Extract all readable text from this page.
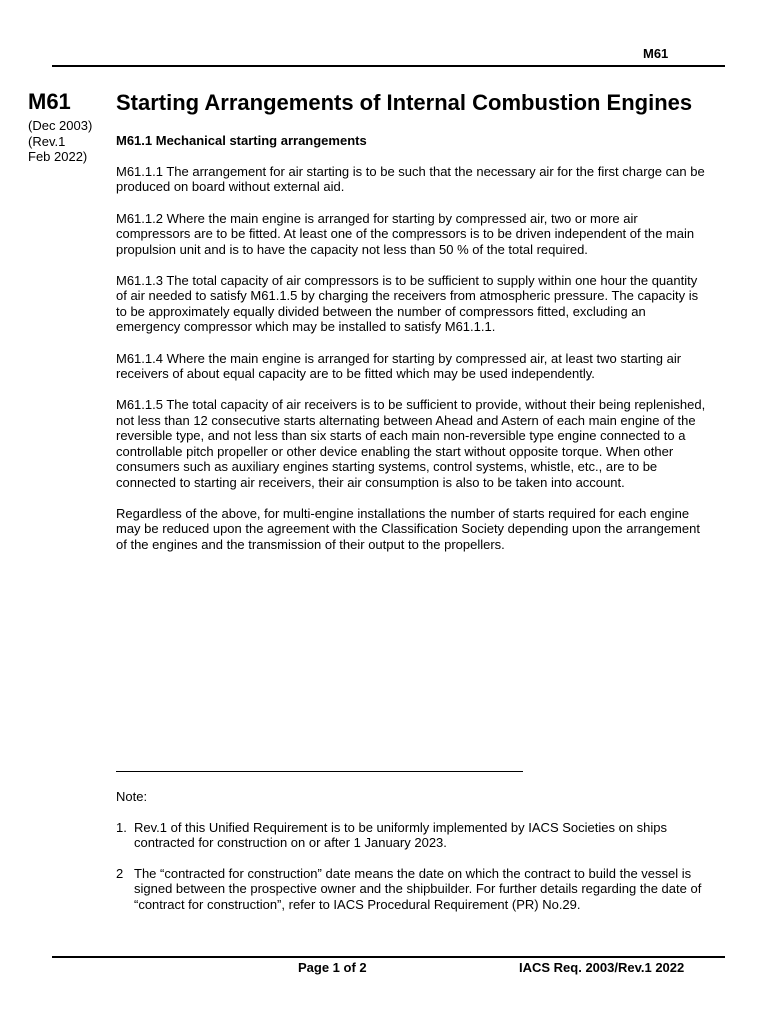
M61
M61
(Dec 2003)
(Rev.1
Feb 2022)
Starting Arrangements of Internal Combustion Engines
M61.1 Mechanical starting arrangements

M61.1.1 The arrangement for air starting is to be such that the necessary air for the first charge can be produced on board without external aid.

M61.1.2 Where the main engine is arranged for starting by compressed air, two or more air compressors are to be fitted. At least one of the compressors is to be driven independent of the main propulsion unit and is to have the capacity not less than 50 % of the total required.

M61.1.3 The total capacity of air compressors is to be sufficient to supply within one hour the quantity of air needed to satisfy M61.1.5 by charging the receivers from atmospheric pressure. The capacity is to be approximately equally divided between the number of compressors fitted, excluding an emergency compressor which may be installed to satisfy M61.1.1.

M61.1.4 Where the main engine is arranged for starting by compressed air, at least two starting air receivers of about equal capacity are to be fitted which may be used independently.

M61.1.5 The total capacity of air receivers is to be sufficient to provide, without their being replenished, not less than 12 consecutive starts alternating between Ahead and Astern of each main engine of the reversible type, and not less than six starts of each main non-reversible type engine connected to a controllable pitch propeller or other device enabling the start without opposite torque. When other consumers such as auxiliary engines starting systems, control systems, whistle, etc., are to be connected to starting air receivers, their air consumption is also to be taken into account.

Regardless of the above, for multi-engine installations the number of starts required for each engine may be reduced upon the agreement with the Classification Society depending upon the arrangement of the engines and the transmission of their output to the propellers.

Note:
1. Rev.1 of this Unified Requirement is to be uniformly implemented by IACS Societies on ships contracted for construction on or after 1 January 2023.
2 The “contracted for construction” date means the date on which the contract to build the vessel is signed between the prospective owner and the shipbuilder. For further details regarding the date of “contract for construction”, refer to IACS Procedural Requirement (PR) No.29.
Page 1 of 2	IACS Req. 2003/Rev.1 2022
